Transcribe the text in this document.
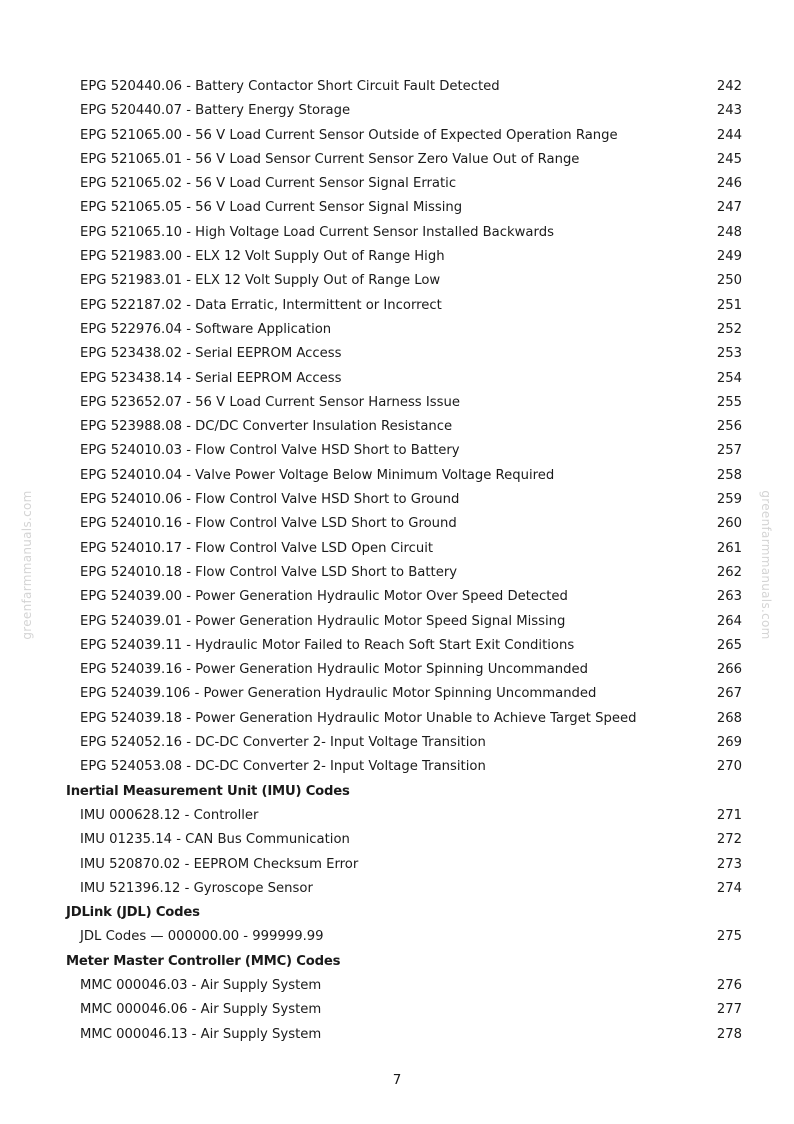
greenfarmmanuals.com	greenfarmmanuals.com
EPG 520440.06 - Battery Contactor Short Circuit Fault Detected	242
EPG 520440.07 - Battery Energy Storage	243
EPG 521065.00 - 56 V Load Current Sensor Outside of Expected Operation Range	244
EPG 521065.01 - 56 V Load Sensor Current Sensor Zero Value Out of Range	245
EPG 521065.02 - 56 V Load Current Sensor Signal Erratic	246
EPG 521065.05 - 56 V Load Current Sensor Signal Missing	247
EPG 521065.10 - High Voltage Load Current Sensor Installed Backwards	248
EPG 521983.00 - ELX 12 Volt Supply Out of Range High	249
EPG 521983.01 - ELX 12 Volt Supply Out of Range Low	250
EPG 522187.02 - Data Erratic, Intermittent or Incorrect	251
EPG 522976.04 - Software Application	252
EPG 523438.02 - Serial EEPROM Access	253
EPG 523438.14 - Serial EEPROM Access	254
EPG 523652.07 - 56 V Load Current Sensor Harness Issue	255
EPG 523988.08 - DC/DC Converter Insulation Resistance	256
EPG 524010.03 - Flow Control Valve HSD Short to Battery	257
EPG 524010.04 - Valve Power Voltage Below Minimum Voltage Required	258
EPG 524010.06 - Flow Control Valve HSD Short to Ground	259
EPG 524010.16 - Flow Control Valve LSD Short to Ground	260
EPG 524010.17 - Flow Control Valve LSD Open Circuit	261
EPG 524010.18 - Flow Control Valve LSD Short to Battery	262
EPG 524039.00 - Power Generation Hydraulic Motor Over Speed Detected	263
EPG 524039.01 - Power Generation Hydraulic Motor Speed Signal Missing	264
EPG 524039.11 - Hydraulic Motor Failed to Reach Soft Start Exit Conditions	265
EPG 524039.16 - Power Generation Hydraulic Motor Spinning Uncommanded	266
EPG 524039.106 - Power Generation Hydraulic Motor Spinning Uncommanded	267
EPG 524039.18 - Power Generation Hydraulic Motor Unable to Achieve Target Speed	268
EPG 524052.16 - DC-DC Converter 2- Input Voltage Transition	269
EPG 524053.08 - DC-DC Converter 2- Input Voltage Transition	270
Inertial Measurement Unit (IMU) Codes
IMU 000628.12 - Controller	271
IMU 01235.14 - CAN Bus Communication	272
IMU 520870.02 - EEPROM Checksum Error	273
IMU 521396.12 - Gyroscope Sensor	274
JDLink (JDL) Codes
JDL Codes — 000000.00 - 999999.99	275
Meter Master Controller (MMC) Codes
MMC 000046.03 - Air Supply System	276
MMC 000046.06 - Air Supply System	277
MMC 000046.13 - Air Supply System	278
7
